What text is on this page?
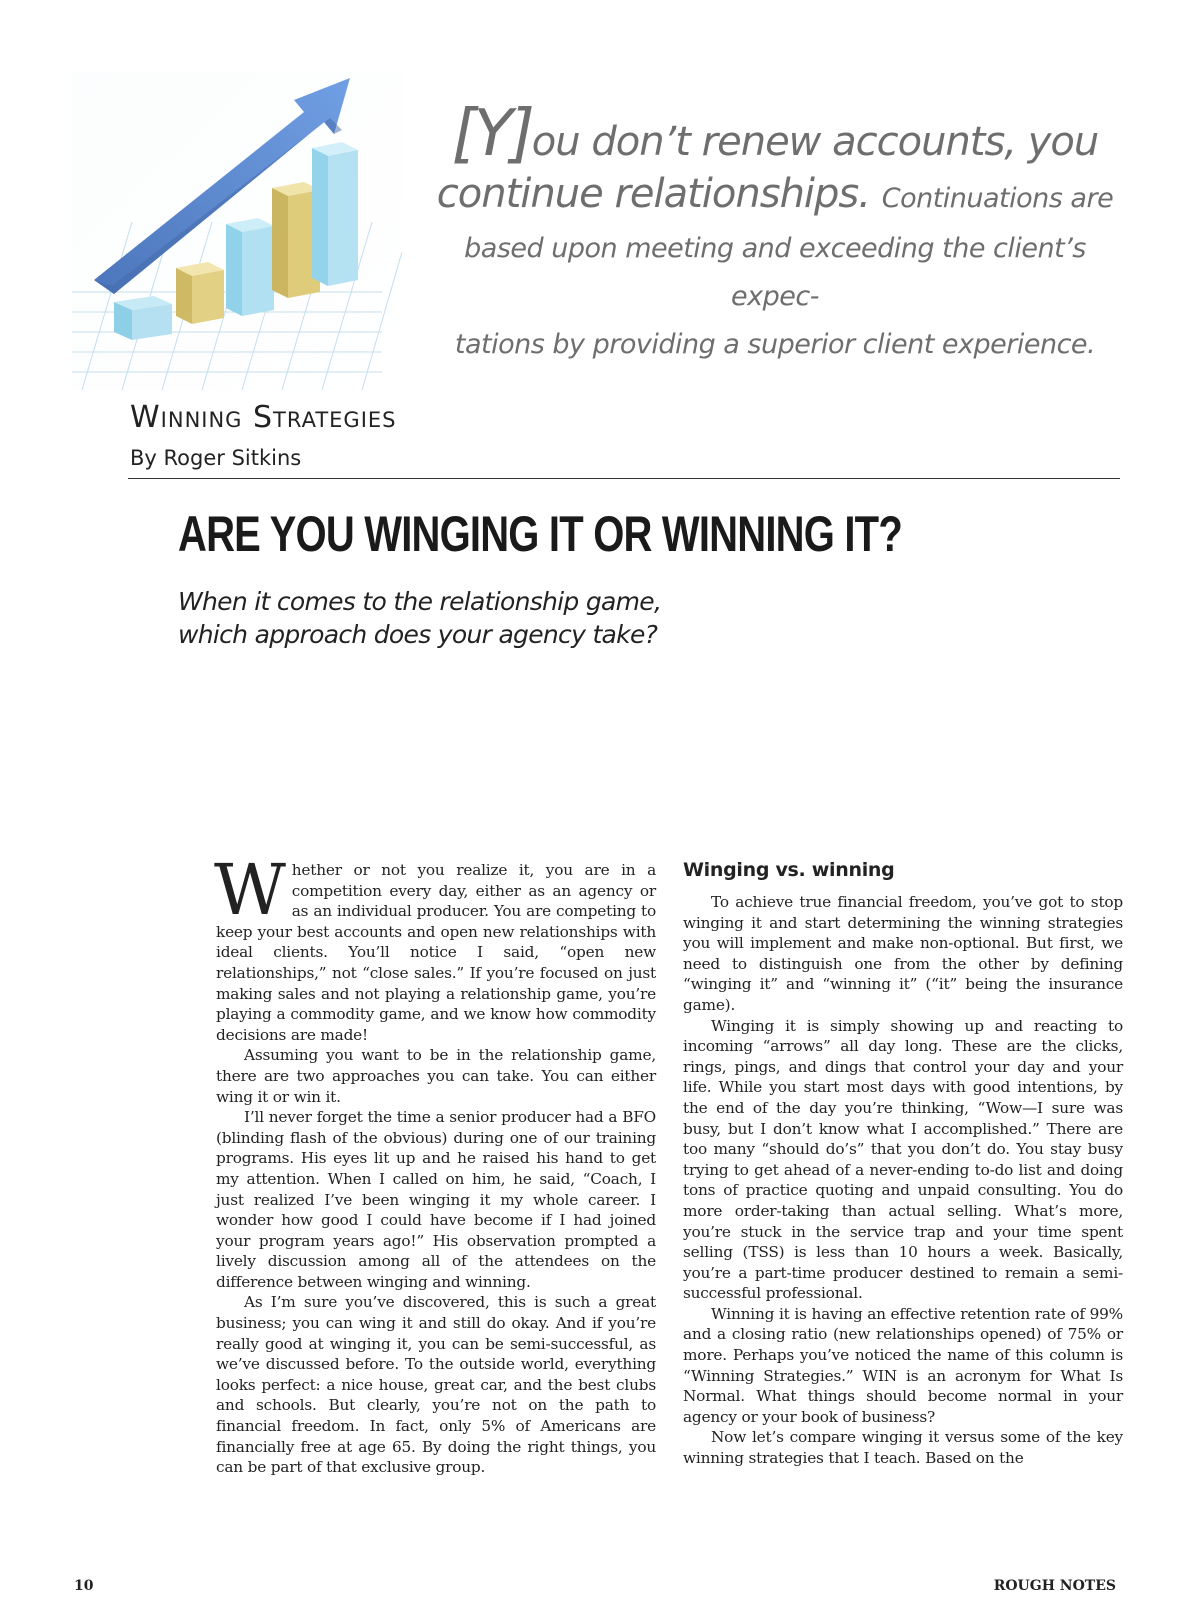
[Y]ou don’t renew accounts, you
continue relationships. Continuations are
based upon meeting and exceeding the client’s expec-
tations by providing a superior client experience.
Winning Strategies
By Roger Sitkins
ARE YOU WINGING IT OR WINNING IT?
When it comes to the relationship game,
which approach does your agency take?

Whether or not you realize it, you are in a competition every day, either as an agency or as an individual producer. You are competing to keep your best accounts and open new relationships with ideal clients. You’ll notice I said, “open new relationships,” not “close sales.” If you’re focused on just making sales and not playing a relationship game, you’re playing a commodity game, and we know how commodity decisions are made!

Assuming you want to be in the relationship game, there are two approaches you can take. You can either wing it or win it.

I’ll never forget the time a senior producer had a BFO (blinding flash of the obvious) during one of our training programs. His eyes lit up and he raised his hand to get my attention. When I called on him, he said, “Coach, I just realized I’ve been winging it my whole career. I wonder how good I could have become if I had joined your program years ago!” His observation prompted a lively discussion among all of the attendees on the difference between winging and winning.

As I’m sure you’ve discovered, this is such a great business; you can wing it and still do okay. And if you’re really good at winging it, you can be semi-successful, as we’ve discussed before. To the outside world, everything looks perfect: a nice house, great car, and the best clubs and schools. But clearly, you’re not on the path to financial freedom. In fact, only 5% of Americans are financially free at age 65. By doing the right things, you can be part of that exclusive group.

Winging vs. winning

To achieve true financial freedom, you’ve got to stop winging it and start determining the winning strategies you will implement and make non-optional. But first, we need to distinguish one from the other by defining “winging it” and “winning it” (“it” being the insurance game).

Winging it is simply showing up and reacting to incoming “arrows” all day long. These are the clicks, rings, pings, and dings that control your day and your life. While you start most days with good intentions, by the end of the day you’re thinking, “Wow—I sure was busy, but I don’t know what I accomplished.” There are too many “should do’s” that you don’t do. You stay busy trying to get ahead of a never-ending to-do list and doing tons of practice quoting and unpaid consulting. You do more order-taking than actual selling. What’s more, you’re stuck in the service trap and your time spent selling (TSS) is less than 10 hours a week. Basically, you’re a part-time producer destined to remain a semi-successful professional.

Winning it is having an effective retention rate of 99% and a closing ratio (new relationships opened) of 75% or more. Perhaps you’ve noticed the name of this column is “Winning Strategies.” WIN is an acronym for What Is Normal. What things should become normal in your agency or your book of business?

Now let’s compare winging it versus some of the key winning strategies that I teach. Based on the

10	ROUGH NOTES
